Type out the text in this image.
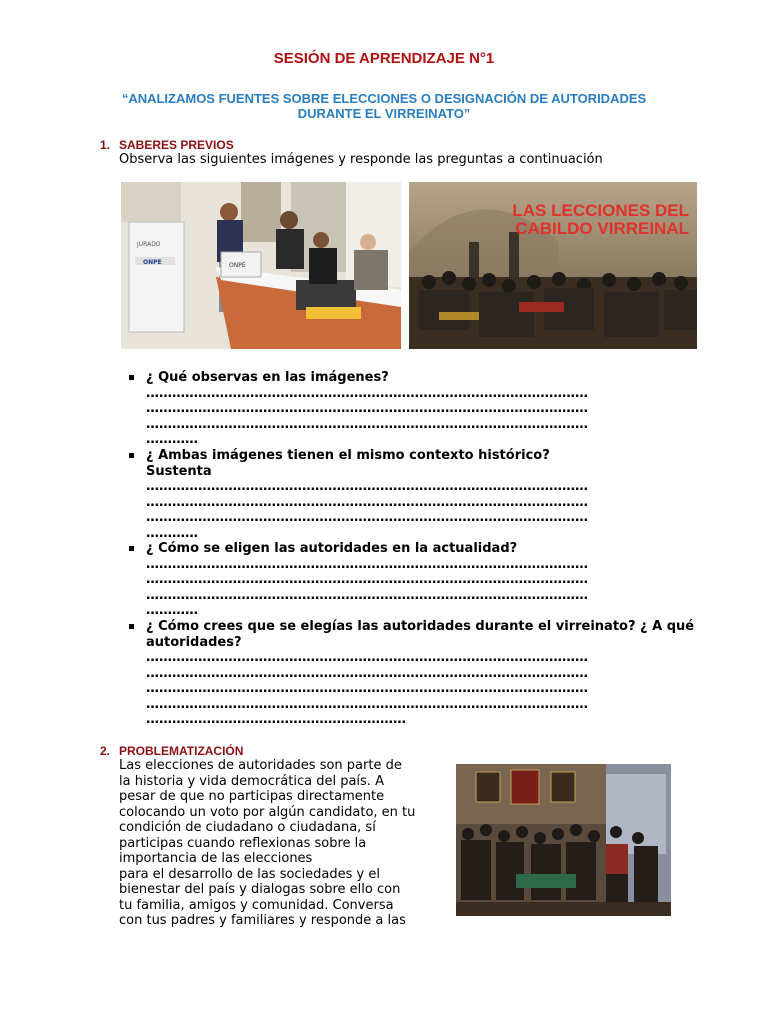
SESIÓN DE APRENDIZAJE N°1
“ANALIZAMOS FUENTES SOBRE ELECCIONES O DESIGNACIÓN DE AUTORIDADES
DURANTE EL VIRREINATO”
1. SABERES PREVIOS
Observa las siguientes imágenes y responde las preguntas a continuación
JURADO
ONPE	ONPE
LAS LECCIONES DEL
CABILDO VIRREINAL
¿ Qué observas en las imágenes?
…………………………………………………………………………………………
…………………………………………………………………………………………
…………………………………………………………………………………………
…………
¿ Ambas imágenes tienen el mismo contexto histórico? Sustenta
…………………………………………………………………………………………
…………………………………………………………………………………………
…………………………………………………………………………………………
…………
¿ Cómo se eligen las autoridades en la actualidad?
…………………………………………………………………………………………
…………………………………………………………………………………………
…………………………………………………………………………………………
…………
¿ Cómo crees que se elegías las autoridades durante el virreinato? ¿ A qué autoridades?
…………………………………………………………………………………………
…………………………………………………………………………………………
…………………………………………………………………………………………
…………………………………………………………………………………………
……………………………………………………
2. PROBLEMATIZACIÓN
Las elecciones de autoridades son parte de
la historia y vida democrática del país. A
pesar de que no participas directamente
colocando un voto por algún candidato, en tu
condición de ciudadano o ciudadana, sí
participas cuando reflexionas sobre la
importancia de las elecciones
para el desarrollo de las sociedades y el
bienestar del país y dialogas sobre ello con
tu familia, amigos y comunidad. Conversa
con tus padres y familiares y responde a las
